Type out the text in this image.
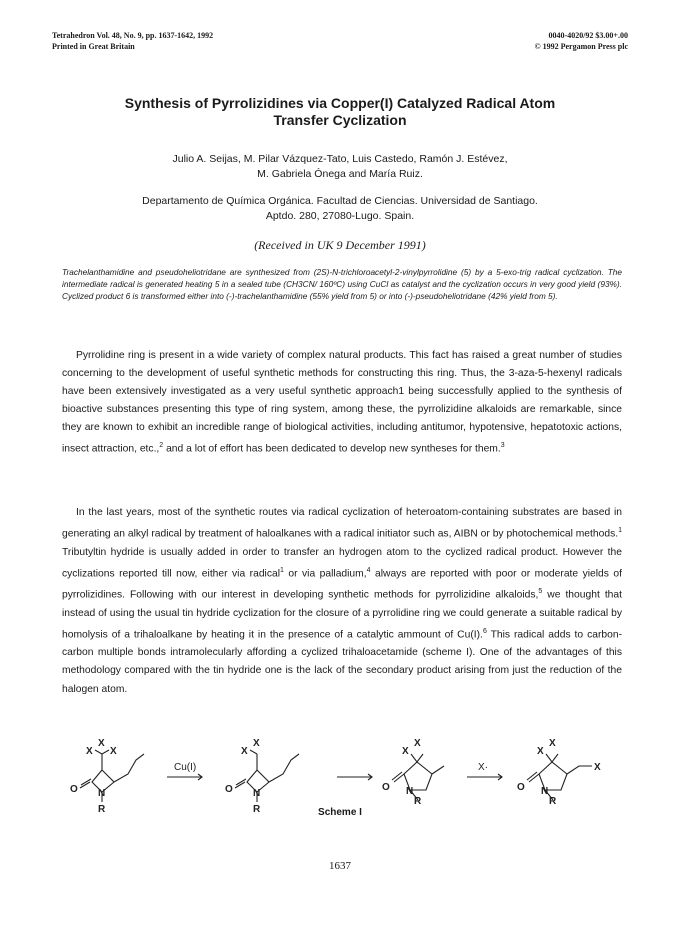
Tetrahedron Vol. 48, No. 9, pp. 1637-1642, 1992
Printed in Great Britain
0040-4020/92 $3.00+.00
© 1992 Pergamon Press plc
Synthesis of Pyrrolizidines via Copper(I) Catalyzed Radical Atom
Transfer Cyclization
Julio A. Seijas, M. Pilar Vázquez-Tato, Luis Castedo, Ramón J. Estévez,
M. Gabriela Ónega and María Ruiz.
Departamento de Química Orgánica. Facultad de Ciencias. Universidad de Santiago.
Aptdo. 280, 27080-Lugo. Spain.
(Received in UK 9 December 1991)
Trachelanthamidine and pseudoheliotridane are synthesized from (2S)-N-trichloroacetyl-2-vinylpyrrolidine (5) by a 5-exo-trig radical cyclization. The intermediate radical is generated heating 5 in a sealed tube (CH3CN/ 160ºC) using CuCl as catalyst and the cyclization occurs in very good yield (93%). Cyclized product 6 is transformed either into (-)-trachelanthamidine (55% yield from 5) or into (-)-pseudoheliotridane (42% yield from 5).
Pyrrolidine ring is present in a wide variety of complex natural products. This fact has raised a great number of studies concerning to the development of useful synthetic methods for constructing this ring. Thus, the 3-aza-5-hexenyl radicals have been extensively investigated as a very useful synthetic approach1 being successfully applied to the synthesis of bioactive substances presenting this type of ring system, among these, the pyrrolizidine alkaloids are remarkable, since they are known to exhibit an incredible range of biological activities, including antitumor, hypotensive, hepatotoxic actions, insect attraction, etc.,$^2$ and a lot of effort has been dedicated to develop new syntheses for them.$^3$
In the last years, most of the synthetic routes via radical cyclization of heteroatom-containing substrates are based in generating an alkyl radical by treatment of haloalkanes with a radical initiator such as, AIBN or by photochemical methods.$^1$ Tributyltin hydride is usually added in order to transfer an hydrogen atom to the cyclized radical product. However the cyclizations reported till now, either via radical$^1$ or via palladium,$^4$ always are reported with poor or moderate yields of pyrrolizidines. Following with our interest in developing synthetic methods for pyrrolizidine alkaloids,$^5$ we thought that instead of using the usual tin hydride cyclization for the closure of a pyrrolidine ring we could generate a suitable radical by homolysis of a trihaloalkane by heating it in the presence of a catalytic ammount of Cu(I).$^6$ This radical adds to carbon-carbon multiple bonds intramolecularly affording a cyclized trihaloacetamide (scheme I). One of the advantages of this methodology compared with the tin hydride one is the lack of the secondary product arising from just the reduction of the halogen atom.
X
X
X
O N
R
Cu(I)
X
X
O N
R
X
X
O
R
N
X·
X
X
X
O N
R
Scheme I
1637
